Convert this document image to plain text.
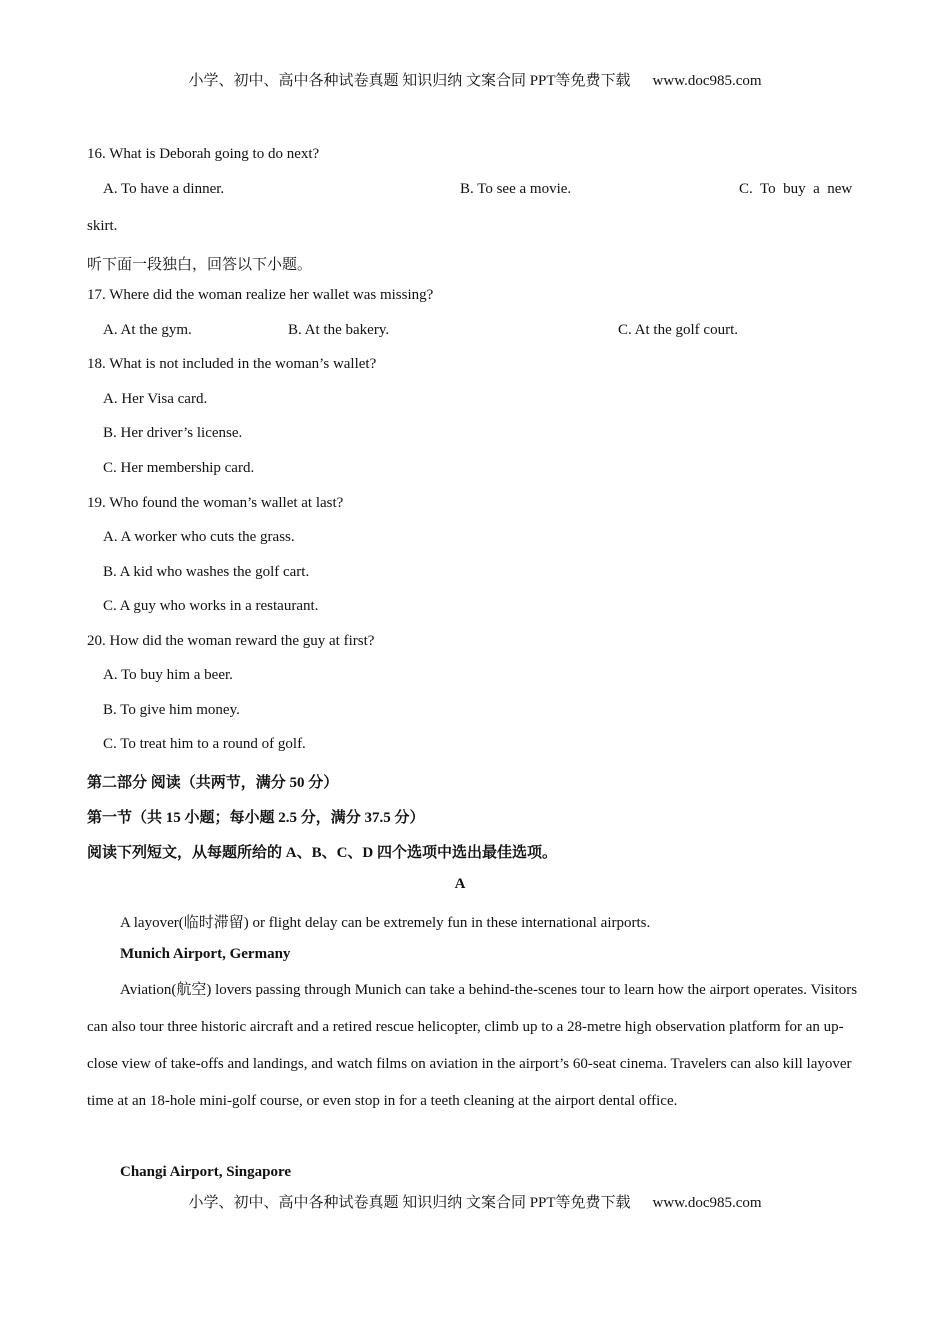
小学、初中、高中各种试卷真题 知识归纳 文案合同 PPT等免费下载 www.doc985.com
16. What is Deborah going to do next?
A. To have a dinner.	B. To see a movie.	C.  To  buy  a  new
skirt.
听下面一段独白，回答以下小题。
17. Where did the woman realize her wallet was missing?
A. At the gym.	B. At the bakery.	C. At the golf court.
18. What is not included in the woman’s wallet?
A. Her Visa card.
B. Her driver’s license.
C. Her membership card.
19. Who found the woman’s wallet at last?
A. A worker who cuts the grass.
B. A kid who washes the golf cart.
C. A guy who works in a restaurant.
20. How did the woman reward the guy at first?
A. To buy him a beer.
B. To give him money.
C. To treat him to a round of golf.
第二部分 阅读（共两节，满分 50 分）
第一节（共 15 小题；每小题 2.5 分，满分 37.5 分）
阅读下列短文，从每题所给的 A、B、C、D 四个选项中选出最佳选项。
A
A layover(临时滞留) or flight delay can be extremely fun in these international airports.
Munich Airport, Germany
Aviation(航空) lovers passing through Munich can take a behind-the-scenes tour to learn how the airport operates. Visitors can also tour three historic aircraft and a retired rescue helicopter, climb up to a 28-metre high observation platform for an up-close view of take-offs and landings, and watch films on aviation in the airport’s 60-seat cinema. Travelers can also kill layover time at an 18-hole mini-golf course, or even stop in for a teeth cleaning at the airport dental office.
Changi Airport, Singapore
小学、初中、高中各种试卷真题 知识归纳 文案合同 PPT等免费下载 www.doc985.com
